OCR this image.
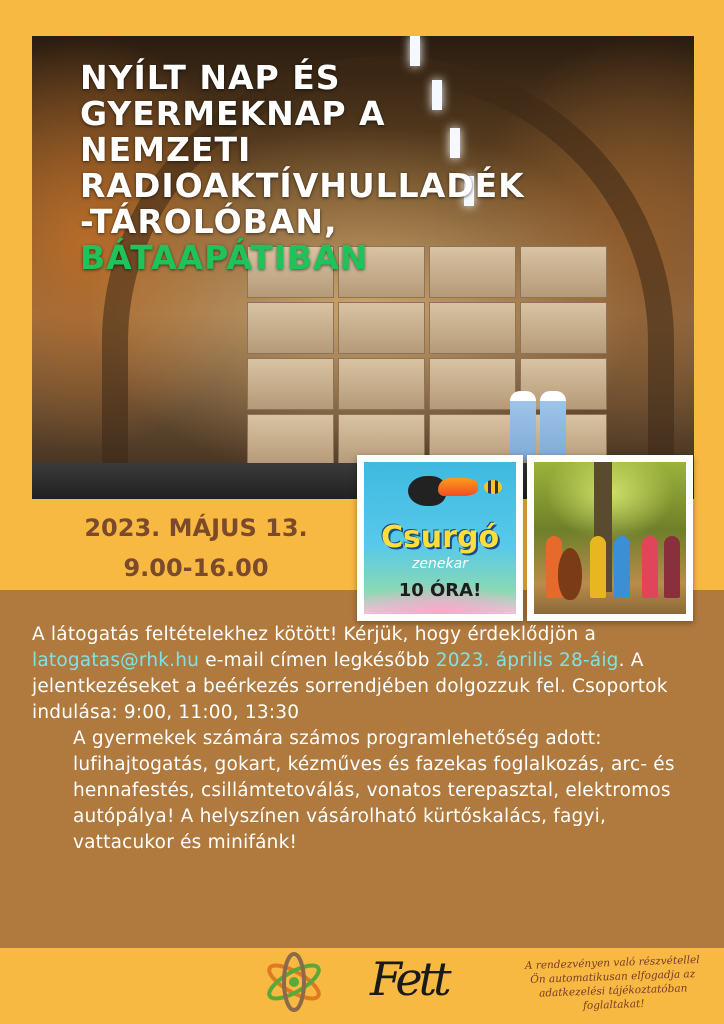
NYÍLT NAP ÉS
GYERMEKNAP A
NEMZETI
RADIOAKTÍVHULLADÉK
-TÁROLÓBAN,
BÁTAAPÁTIBAN
2023. MÁJUS 13.
9.00-16.00
Csurgó
zenekar
10 ÓRA!

A látogatás feltételekhez kötött! Kérjük, hogy érdeklődjön a latogatas@rhk.hu e-mail címen legkésőbb 2023. április 28-áig. A jelentkezéseket a beérkezés sorrendjében dolgozzuk fel. Csoportok indulása: 9:00, 11:00, 13:30

A gyermekek számára számos programlehetőség adott: lufihajtogatás, gokart, kézműves és fazekas foglalkozás, arc- és hennafestés, csillámtetoválás, vonatos terepasztal, elektromos autópálya! A helyszínen vásárolható kürtőskalács, fagyi, vattacukor és minifánk!

Fett	A rendezvényen való részvétellel Ön automatikusan elfogadja az adatkezelési tájékoztatóban foglaltakat!
